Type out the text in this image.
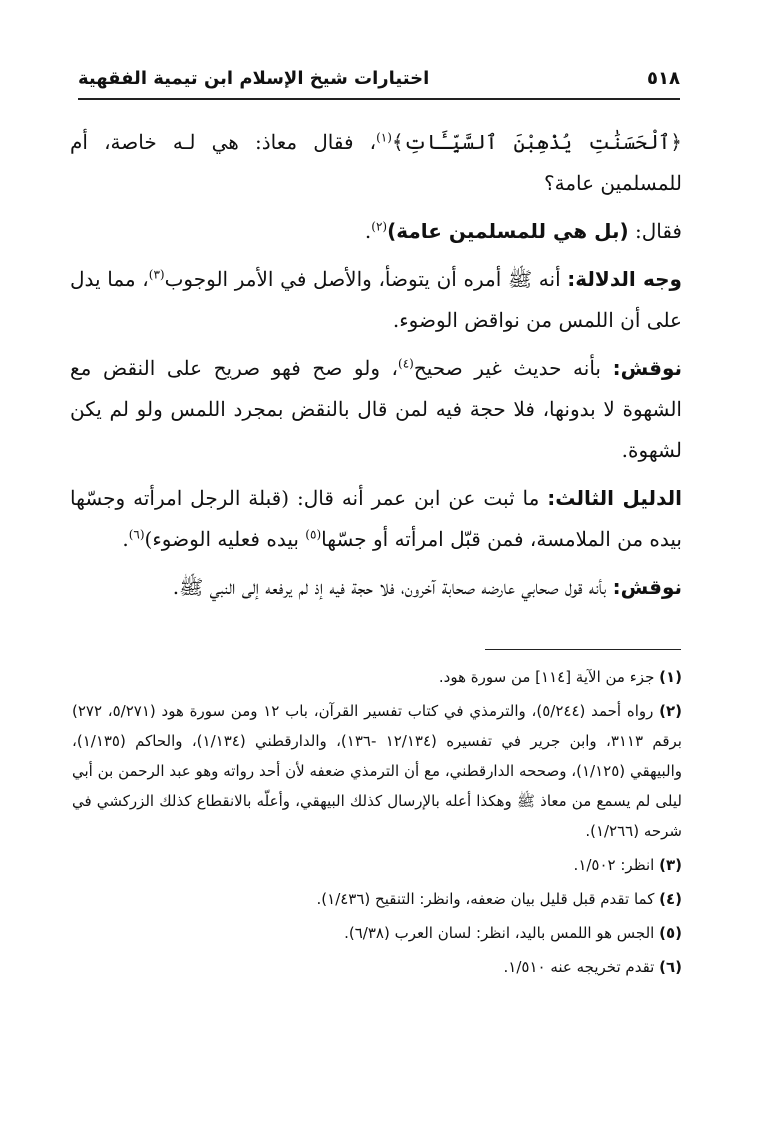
٥١٨
اختيارات شيخ الإسلام ابن تيمية الفقهية

﴿ٱلْحَسَنَٰتِ يُذْهِبْنَ ٱلسَّيِّـَٔاتِ﴾$^{(١)}$، فقال معاذ: هي لـه خاصة، أم للمسلمين عامة؟

فقال: (بل هي للمسلمين عامة)$^{(٢)}$.

وجه الدلالة: أنه ﷺ أمره أن يتوضأ، والأصل في الأمر الوجوب$^{(٣)}$، مما يدل على أن اللمس من نواقض الوضوء.

نوقش: بأنه حديث غير صحيح$^{(٤)}$، ولو صح فهو صريح على النقض مع الشهوة لا بدونها، فلا حجة فيه لمن قال بالنقض بمجرد اللمس ولو لم يكن لشهوة.

الدليل الثالث: ما ثبت عن ابن عمر أنه قال: (قبلة الرجل امرأته وجسّها بيده من الملامسة، فمن قبّل امرأته أو جسّها$^{(٥)}$ بيده فعليه الوضوء)$^{(٦)}$.

نوقش: بأنه قول صحابي عارضه صحابة آخرون، فلا حجة فيه إذ لم يرفعه إلى النبي ﷺ.

(١) جزء من الآية [١١٤] من سورة هود.
(٢) رواه أحمد (٥/٢٤٤)، والترمذي في كتاب تفسير القرآن، باب ١٢ ومن سورة هود (٥/٢٧١، ٢٧٢) برقم ٣١١٣، وابن جرير في تفسيره (١٢/١٣٤ -١٣٦)، والدارقطني (١/١٣٤)، والحاكم (١/١٣٥)، والبيهقي (١/١٢٥)، وصححه الدارقطني، مع أن الترمذي ضعفه لأن أحد رواته وهو عبد الرحمن بن أبي ليلى لم يسمع من معاذ ﷺ وهكذا أعله بالإرسال كذلك البيهقي، وأعلّه بالانقطاع كذلك الزركشي في شرحه (١/٢٦٦).
(٣) انظر: ١/٥٠٢.
(٤) كما تقدم قبل قليل بيان ضعفه، وانظر: التنقيح (١/٤٣٦).
(٥) الجس هو اللمس باليد، انظر: لسان العرب (٦/٣٨).
(٦) تقدم تخريجه عنه ١/٥١٠.
